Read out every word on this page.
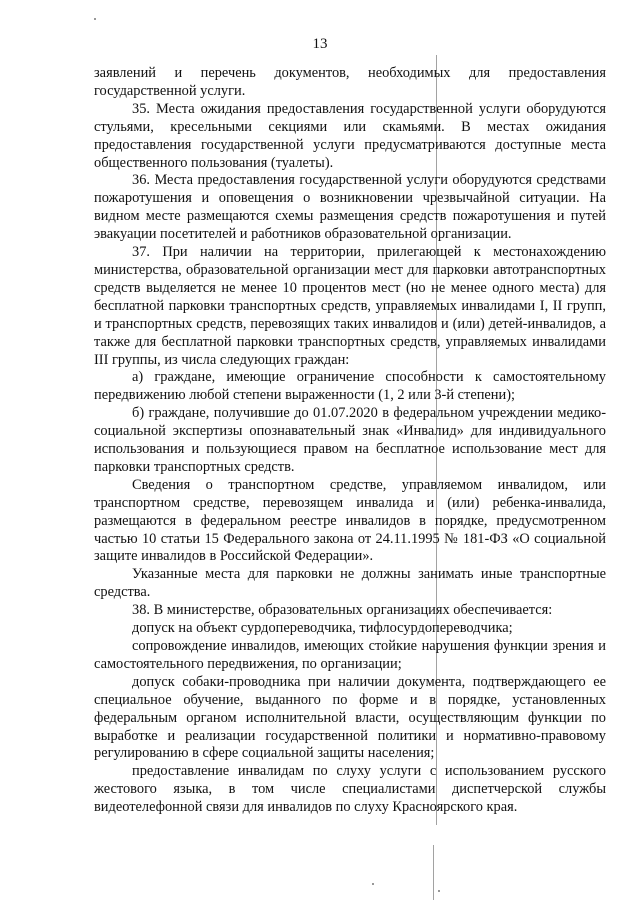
13

заявлений и перечень документов, необходимых для предоставления государственной услуги.

35. Места ожидания предоставления государственной услуги оборудуются стульями, кресельными секциями или скамьями. В местах ожидания предоставления государственной услуги предусматриваются доступные места общественного пользования (туалеты).

36. Места предоставления государственной услуги оборудуются средствами пожаротушения и оповещения о возникновении чрезвычайной ситуации. На видном месте размещаются схемы размещения средств пожаротушения и путей эвакуации посетителей и работников образовательной организации.

37. При наличии на территории, прилегающей к местонахождению министерства, образовательной организации мест для парковки автотранспортных средств выделяется не менее 10 процентов мест (но не менее одного места) для бесплатной парковки транспортных средств, управляемых инвалидами I, II групп, и транспортных средств, перевозящих таких инвалидов и (или) детей-инвалидов, а также для бесплатной парковки транспортных средств, управляемых инвалидами III группы, из числа следующих граждан:

а) граждане, имеющие ограничение способности к самостоятельному передвижению любой степени выраженности (1, 2 или 3-й степени);

б) граждане, получившие до 01.07.2020 в федеральном учреждении медико-социальной экспертизы опознавательный знак «Инвалид» для индивидуального использования и пользующиеся правом на бесплатное использование мест для парковки транспортных средств.

Сведения о транспортном средстве, управляемом инвалидом, или транспортном средстве, перевозящем инвалида и (или) ребенка-инвалида, размещаются в федеральном реестре инвалидов в порядке, предусмотренном частью 10 статьи 15 Федерального закона от 24.11.1995 № 181-ФЗ «О социальной защите инвалидов в Российской Федерации».

Указанные места для парковки не должны занимать иные транспортные средства.

38. В министерстве, образовательных организациях обеспечивается:

допуск на объект сурдопереводчика, тифлосурдопереводчика;

сопровождение инвалидов, имеющих стойкие нарушения функции зрения и самостоятельного передвижения, по организации;

допуск собаки-проводника при наличии документа, подтверждающего ее специальное обучение, выданного по форме и в порядке, установленных федеральным органом исполнительной власти, осуществляющим функции по выработке и реализации государственной политики и нормативно-правовому регулированию в сфере социальной защиты населения;

предоставление инвалидам по слуху услуги с использованием русского жестового языка, в том числе специалистами диспетчерской службы видеотелефонной связи для инвалидов по слуху Красноярского края.
